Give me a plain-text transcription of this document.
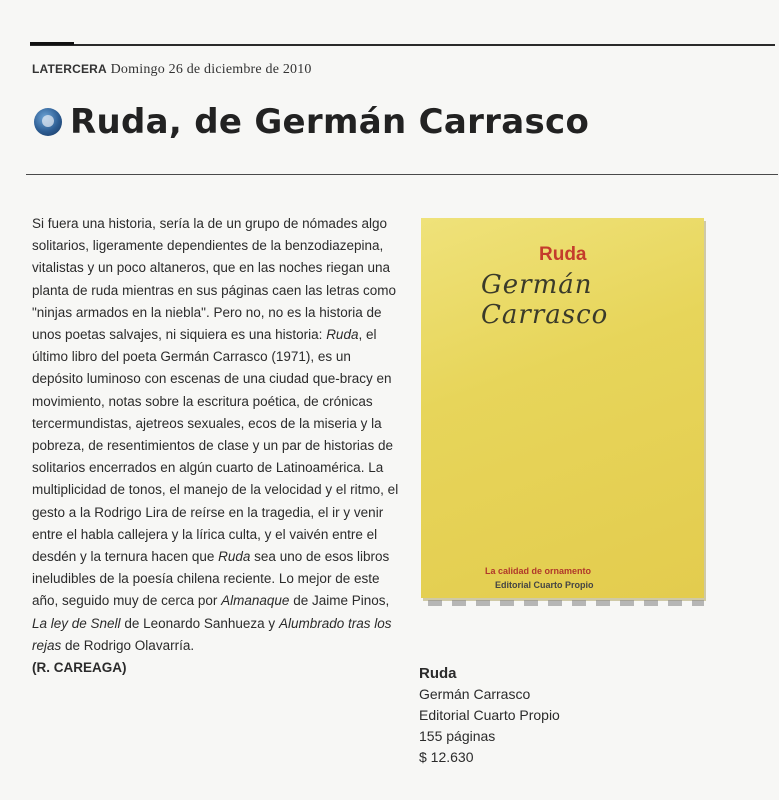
LATERCERA Domingo 26 de diciembre de 2010
Ruda, de Germán Carrasco

Si fuera una historia, sería la de un grupo de nómades algo solitarios, ligeramente dependientes de la benzodiazepina, vitalistas y un poco altaneros, que en las noches riegan una planta de ruda mientras en sus páginas caen las letras como "ninjas armados en la niebla". Pero no, no es la historia de unos poetas salvajes, ni siquiera es una historia: Ruda, el último libro del poeta Germán Carrasco (1971), es un depósito luminoso con escenas de una ciudad que-bracy en movimiento, notas sobre la escritura poética, de crónicas tercermundistas, ajetreos sexuales, ecos de la miseria y la pobreza, de resentimientos de clase y un par de historias de solitarios encerrados en algún cuarto de Latinoamérica. La multiplicidad de tonos, el manejo de la velocidad y el ritmo, el gesto a la Rodrigo Lira de reírse en la tragedia, el ir y venir entre el habla callejera y la lírica culta, y el vaivén entre el desdén y la ternura hacen que Ruda sea uno de esos libros ineludibles de la poesía chilena reciente. Lo mejor de este año, seguido muy de cerca por Almanaque de Jaime Pinos, La ley de Snell de Leonardo Sanhueza y Alumbrado tras los rejas de Rodrigo Olavarría.

(R. CAREAGA)
Ruda
Germán Carrasco
La calidad de ornamento
Editorial Cuarto Propio
Ruda
Germán Carrasco
Editorial Cuarto Propio
155 páginas
$ 12.630
